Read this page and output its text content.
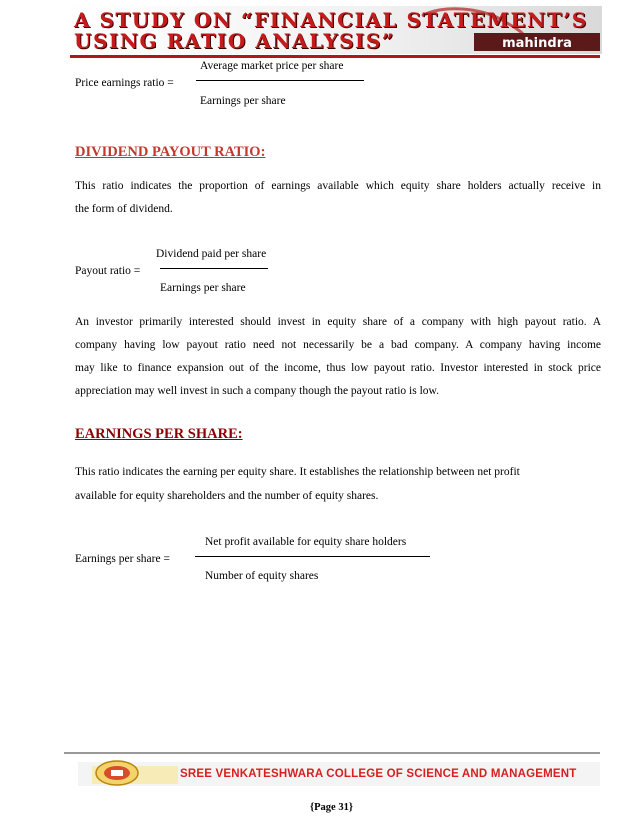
A STUDY ON “FINANCIAL STATEMENT’S
USING RATIO ANALYSIS”	mahindra
Average market price per share
Price earnings ratio =
Earnings per share
DIVIDEND PAYOUT RATIO:
This ratio indicates the proportion of earnings available which equity share holders actually receive in
the form of dividend.
Dividend paid per share
Payout ratio =
Earnings per share
An investor primarily interested should invest in equity share of a company with high payout ratio. A
company having low payout ratio need not necessarily be a bad company. A company having income
may like to finance expansion out of the income, thus low payout ratio. Investor interested in stock price
appreciation may well invest in such a company though the payout ratio is low.
EARNINGS PER SHARE:
This ratio indicates the earning per equity share. It establishes the relationship between net profit
available for equity shareholders and the number of equity shares.
Net profit available for equity share holders
Earnings per share =
Number of equity shares
SREE VENKATESHWARA COLLEGE OF SCIENCE AND MANAGEMENT
{Page 31}
